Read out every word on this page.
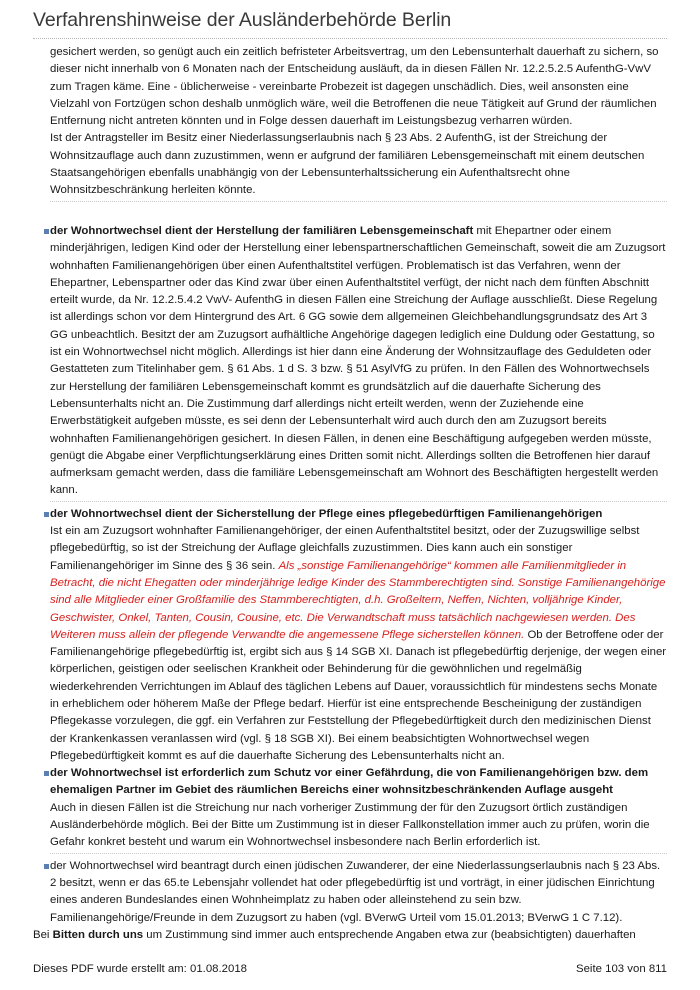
Verfahrenshinweise der Ausländerbehörde Berlin

gesichert werden, so genügt auch ein zeitlich befristeter Arbeitsvertrag, um den Lebensunterhalt dauerhaft zu sichern, so dieser nicht innerhalb von 6 Monaten nach der Entscheidung ausläuft, da in diesen Fällen Nr. 12.2.5.2.5 AufenthG-VwV zum Tragen käme. Eine - üblicherweise - vereinbarte Probezeit ist dagegen unschädlich. Dies, weil ansonsten eine Vielzahl von Fortzügen schon deshalb unmöglich wäre, weil die Betroffenen die neue Tätigkeit auf Grund der räumlichen Entfernung nicht antreten könnten und in Folge dessen dauerhaft im Leistungsbezug verharren würden.

Ist der Antragsteller im Besitz einer Niederlassungserlaubnis nach § 23 Abs. 2 AufenthG, ist der Streichung der Wohnsitzauflage auch dann zuzustimmen, wenn er aufgrund der familiären Lebensgemeinschaft mit einem deutschen Staatsangehörigen ebenfalls unabhängig von der Lebensunterhaltssicherung ein Aufenthaltsrecht ohne Wohnsitzbeschränkung herleiten könnte.

der Wohnortwechsel dient der Herstellung der familiären Lebensgemeinschaft mit Ehepartner oder einem minderjährigen, ledigen Kind oder der Herstellung einer lebenspartnerschaftlichen Gemeinschaft, soweit die am Zuzugsort wohnhaften Familienangehörigen über einen Aufenthaltstitel verfügen. Problematisch ist das Verfahren, wenn der Ehepartner, Lebenspartner oder das Kind zwar über einen Aufenthaltstitel verfügt, der nicht nach dem fünften Abschnitt erteilt wurde, da Nr. 12.2.5.4.2 VwV- AufenthG in diesen Fällen eine Streichung der Auflage ausschließt. Diese Regelung ist allerdings schon vor dem Hintergrund des Art. 6 GG sowie dem allgemeinen Gleichbehandlungsgrundsatz des Art 3 GG unbeachtlich. Besitzt der am Zuzugsort aufhältliche Angehörige dagegen lediglich eine Duldung oder Gestattung, so ist ein Wohnortwechsel nicht möglich. Allerdings ist hier dann eine Änderung der Wohnsitzauflage des Geduldeten oder Gestatteten zum Titelinhaber gem. § 61 Abs. 1 d S. 3 bzw. § 51 AsylVfG zu prüfen. In den Fällen des Wohnortwechsels zur Herstellung der familiären Lebensgemeinschaft kommt es grundsätzlich auf die dauerhafte Sicherung des Lebensunterhalts nicht an. Die Zustimmung darf allerdings nicht erteilt werden, wenn der Zuziehende eine Erwerbstätigkeit aufgeben müsste, es sei denn der Lebensunterhalt wird auch durch den am Zuzugsort bereits wohnhaften Familienangehörigen gesichert. In diesen Fällen, in denen eine Beschäftigung aufgegeben werden müsste, genügt die Abgabe einer Verpflichtungserklärung eines Dritten somit nicht. Allerdings sollten die Betroffenen hier darauf aufmerksam gemacht werden, dass die familiäre Lebensgemeinschaft am Wohnort des Beschäftigten hergestellt werden kann.

der Wohnortwechsel dient der Sicherstellung der Pflege eines pflegebedürftigen Familienangehörigen
Ist ein am Zuzugsort wohnhafter Familienangehöriger, der einen Aufenthaltstitel besitzt, oder der Zuzugswillige selbst pflegebedürftig, so ist der Streichung der Auflage gleichfalls zuzustimmen. Dies kann auch ein sonstiger Familienangehöriger im Sinne des § 36 sein. Als „sonstige Familienangehörige“ kommen alle Familienmitglieder in Betracht, die nicht Ehegatten oder minderjährige ledige Kinder des Stammberechtigten sind. Sonstige Familienangehörige sind alle Mitglieder einer Großfamilie des Stammberechtigten, d.h. Großeltern, Neffen, Nichten, volljährige Kinder, Geschwister, Onkel, Tanten, Cousin, Cousine, etc. Die Verwandtschaft muss tatsächlich nachgewiesen werden. Des Weiteren muss allein der pflegende Verwandte die angemessene Pflege sicherstellen können. Ob der Betroffene oder der Familienangehörige pflegebedürftig ist, ergibt sich aus § 14 SGB XI. Danach ist pflegebedürftig derjenige, der wegen einer körperlichen, geistigen oder seelischen Krankheit oder Behinderung für die gewöhnlichen und regelmäßig wiederkehrenden Verrichtungen im Ablauf des täglichen Lebens auf Dauer, voraussichtlich für mindestens sechs Monate in erheblichem oder höherem Maße der Pflege bedarf. Hierfür ist eine entsprechende Bescheinigung der zuständigen Pflegekasse vorzulegen, die ggf. ein Verfahren zur Feststellung der Pflegebedürftigkeit durch den medizinischen Dienst der Krankenkassen veranlassen wird (vgl. § 18 SGB XI). Bei einem beabsichtigten Wohnortwechsel wegen Pflegebedürftigkeit kommt es auf die dauerhafte Sicherung des Lebensunterhalts nicht an.
der Wohnortwechsel ist erforderlich zum Schutz vor einer Gefährdung, die von Familienangehörigen bzw. dem ehemaligen Partner im Gebiet des räumlichen Bereichs einer wohnsitzbeschränkenden Auflage ausgeht
Auch in diesen Fällen ist die Streichung nur nach vorheriger Zustimmung der für den Zuzugsort örtlich zuständigen Ausländerbehörde möglich. Bei der Bitte um Zustimmung ist in dieser Fallkonstellation immer auch zu prüfen, worin die Gefahr konkret besteht und warum ein Wohnortwechsel insbesondere nach Berlin erforderlich ist.

der Wohnortwechsel wird beantragt durch einen jüdischen Zuwanderer, der eine Niederlassungserlaubnis nach § 23 Abs. 2 besitzt, wenn er das 65.te Lebensjahr vollendet hat oder pflegebedürftig ist und vorträgt, in einer jüdischen Einrichtung eines anderen Bundeslandes einen Wohnheimplatz zu haben oder alleinstehend zu sein bzw. Familienangehörige/Freunde in dem Zuzugsort zu haben (vgl. BVerwG Urteil vom 15.01.2013; BVerwG 1 C 7.12).

Bei Bitten durch uns um Zustimmung sind immer auch entsprechende Angaben etwa zur (beabsichtigten) dauerhaften

Dieses PDF wurde erstellt am: 01.08.2018	Seite 103 von 811
